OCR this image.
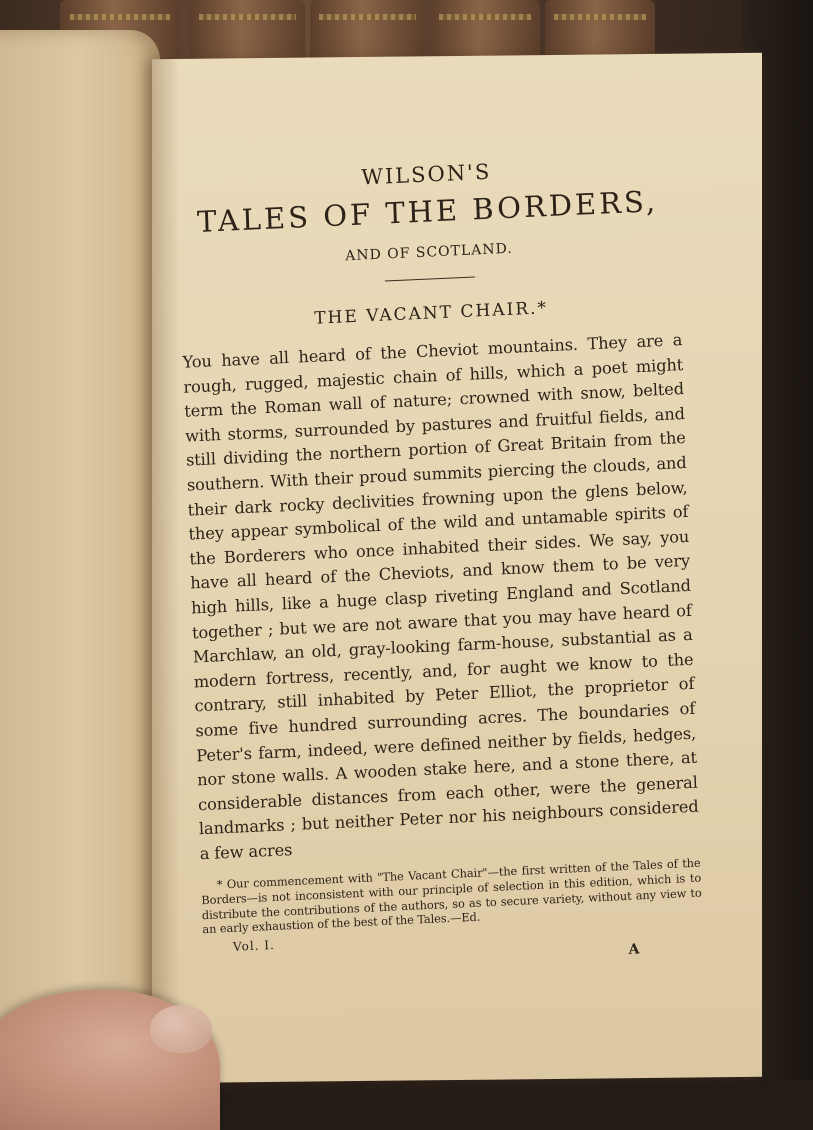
WILSON'S
TALES OF THE BORDERS,
AND OF SCOTLAND.
THE VACANT CHAIR.*

You have all heard of the Cheviot mountains. They are a rough, rugged, majestic chain of hills, which a poet might term the Roman wall of nature; crowned with snow, belted with storms, surrounded by pastures and fruitful fields, and still dividing the northern portion of Great Britain from the southern. With their proud summits piercing the clouds, and their dark rocky declivities frowning upon the glens below, they appear symbolical of the wild and untamable spirits of the Borderers who once inhabited their sides. We say, you have all heard of the Cheviots, and know them to be very high hills, like a huge clasp riveting England and Scotland together ; but we are not aware that you may have heard of Marchlaw, an old, gray-looking farm-house, substantial as a modern fortress, recently, and, for aught we know to the contrary, still inhabited by Peter Elliot, the proprietor of some five hundred surrounding acres. The boundaries of Peter's farm, indeed, were defined neither by fields, hedges, nor stone walls. A wooden stake here, and a stone there, at considerable distances from each other, were the general landmarks ; but neither Peter nor his neighbours considered a few acres

* Our commencement with "The Vacant Chair"—the first written of the Tales of the Borders—is not inconsistent with our principle of selection in this edition, which is to distribute the contributions of the authors, so as to secure variety, without any view to an early exhaustion of the best of the Tales.—Ed.

Vol. I.	A
